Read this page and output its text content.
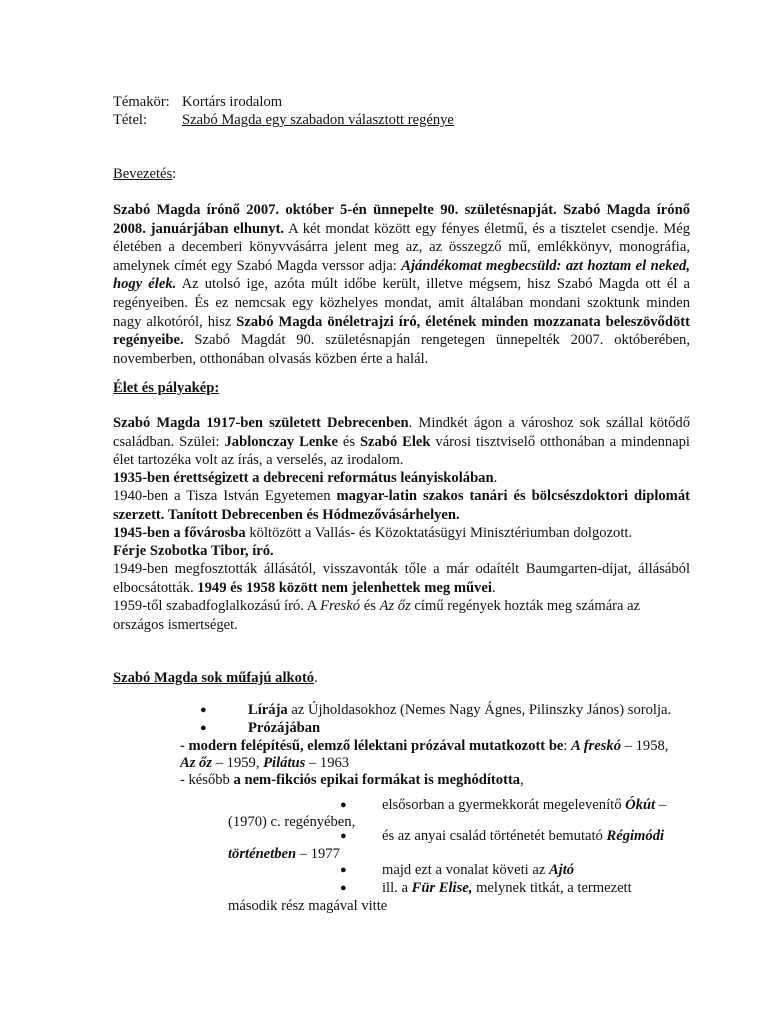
Témakör: Kortárs irodalom
Tétel: Szabó Magda egy szabadon választott regénye
Bevezetés:
Szabó Magda írónő 2007. október 5-én ünnepelte 90. születésnapját. Szabó Magda írónő 2008. januárjában elhunyt. A két mondat között egy fényes életmű, és a tisztelet csendje. Még életében a decemberi könyvvásárra jelent meg az, az összegző mű, emlékkönyv, monográfia, amelynek címét egy Szabó Magda verssor adja: Ajándékomat megbecsüld: azt hoztam el neked, hogy élek. Az utolsó ige, azóta múlt időbe került, illetve mégsem, hisz Szabó Magda ott él a regényeiben. És ez nemcsak egy közhelyes mondat, amit általában mondani szoktunk minden nagy alkotóról, hisz Szabó Magda önéletrajzi író, életének minden mozzanata beleszövődött regényeibe. Szabó Magdát 90. születésnapján rengetegen ünnepelték 2007. októberében, novemberben, otthonában olvasás közben érte a halál.
Élet és pályakép:
Szabó Magda 1917-ben született Debrecenben. Mindkét ágon a városhoz sok szállal kötődő családban. Szülei: Jablonczay Lenke és Szabó Elek városi tisztviselő otthonában a mindennapi élet tartozéka volt az írás, a verselés, az irodalom.
1935-ben érettségizett a debreceni református leányiskolában.
1940-ben a Tisza István Egyetemen magyar-latin szakos tanári és bölcsészdoktori diplomát szerzett. Tanított Debrecenben és Hódmezővásárhelyen.
1945-ben a fővárosba költözött a Vallás- és Közoktatásügyi Minisztériumban dolgozott.
Férje Szobotka Tibor, író.
1949-ben megfosztották állásától, visszavonták tőle a már odaítélt Baumgarten-díjat, állásából elbocsátották. 1949 és 1958 között nem jelenhettek meg művei.
1959-től szabadfoglalkozású író. A Freskó és Az őz című regények hozták meg számára az országos ismertséget.
Szabó Magda sok műfajú alkotó.
●	Lírája az Újholdasokhoz (Nemes Nagy Ágnes, Pilinszky János) sorolja.
●	Prózájában
- modern felépítésű, elemző lélektani prózával mutatkozott be: A freskó – 1958,
Az őz – 1959, Pilátus – 1963
- később a nem-fikciós epikai formákat is meghódította,
● elsősorban a gyermekkorát megelevenítő Ókút –
(1970) c. regényében,
● és az anyai család történetét bemutató Régimódi
történetben – 1977
● majd ezt a vonalat követi az Ajtó
● ill. a Für Elise, melynek titkát, a termezett
második rész magával vitte
